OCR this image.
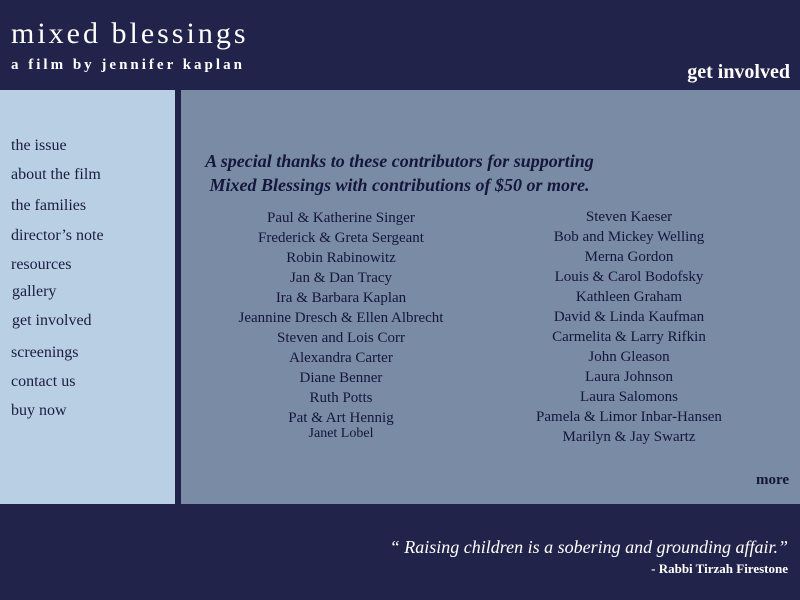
mixed blessings
a film by jennifer kaplan	get involved
the issue
about the film
the families
director’s note
resources
gallery
get involved
screenings
contact us
buy now

A special thanks to these contributors for supporting
Mixed Blessings with contributions of $50 or more.

Paul & Katherine Singer
Frederick & Greta Sergeant
Robin Rabinowitz
Jan & Dan Tracy
Ira & Barbara Kaplan
Jeannine Dresch & Ellen Albrecht
Steven and Lois Corr
Alexandra Carter
Diane Benner
Ruth Potts
Pat & Art Hennig
Janet Lobel
Steven Kaeser
Bob and Mickey Welling
Merna Gordon
Louis & Carol Bodofsky
Kathleen Graham
David & Linda Kaufman
Carmelita & Larry Rifkin
John Gleason
Laura Johnson
Laura Salomons
Pamela & Limor Inbar-Hansen
Marilyn & Jay Swartz
more
“ Raising children is a sobering and grounding affair.”
- Rabbi Tirzah Firestone
